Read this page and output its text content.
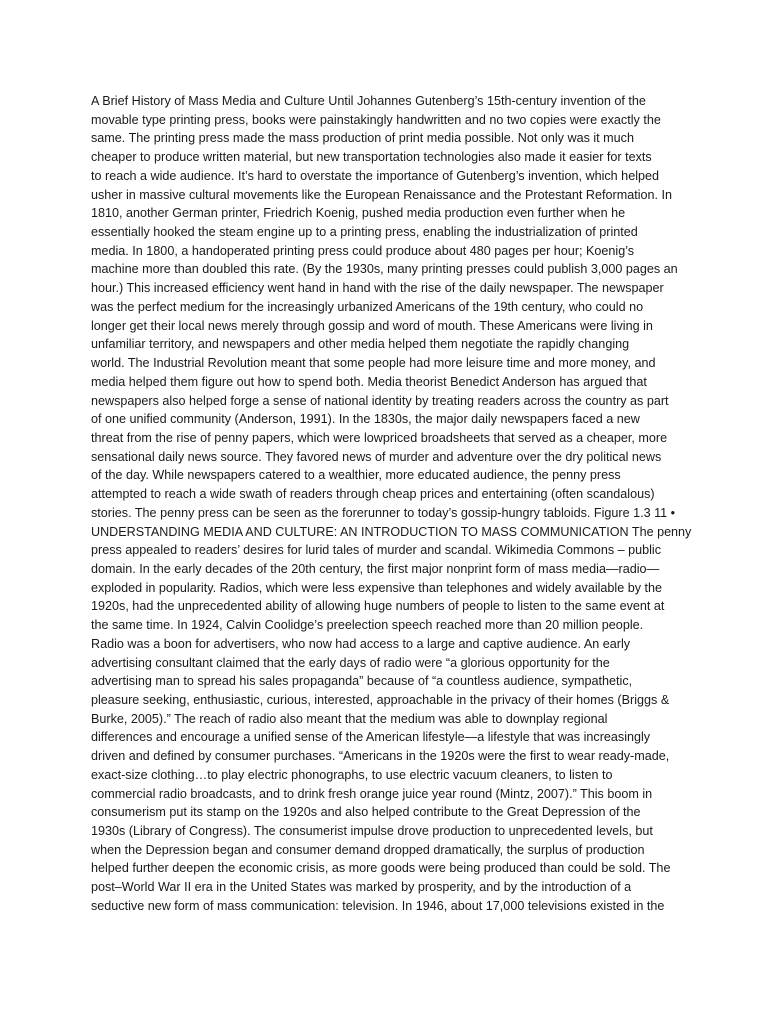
A Brief History of Mass Media and Culture Until Johannes Gutenberg’s 15th-century invention of the
movable type printing press, books were painstakingly handwritten and no two copies were exactly the
same. The printing press made the mass production of print media possible. Not only was it much
cheaper to produce written material, but new transportation technologies also made it easier for texts
to reach a wide audience. It’s hard to overstate the importance of Gutenberg’s invention, which helped
usher in massive cultural movements like the European Renaissance and the Protestant Reformation. In
1810, another German printer, Friedrich Koenig, pushed media production even further when he
essentially hooked the steam engine up to a printing press, enabling the industrialization of printed
media. In 1800, a handoperated printing press could produce about 480 pages per hour; Koenig’s
machine more than doubled this rate. (By the 1930s, many printing presses could publish 3,000 pages an
hour.) This increased efficiency went hand in hand with the rise of the daily newspaper. The newspaper
was the perfect medium for the increasingly urbanized Americans of the 19th century, who could no
longer get their local news merely through gossip and word of mouth. These Americans were living in
unfamiliar territory, and newspapers and other media helped them negotiate the rapidly changing
world. The Industrial Revolution meant that some people had more leisure time and more money, and
media helped them figure out how to spend both. Media theorist Benedict Anderson has argued that
newspapers also helped forge a sense of national identity by treating readers across the country as part
of one unified community (Anderson, 1991). In the 1830s, the major daily newspapers faced a new
threat from the rise of penny papers, which were lowpriced broadsheets that served as a cheaper, more
sensational daily news source. They favored news of murder and adventure over the dry political news
of the day. While newspapers catered to a wealthier, more educated audience, the penny press
attempted to reach a wide swath of readers through cheap prices and entertaining (often scandalous)
stories. The penny press can be seen as the forerunner to today’s gossip-hungry tabloids. Figure 1.3 11 •
UNDERSTANDING MEDIA AND CULTURE: AN INTRODUCTION TO MASS COMMUNICATION The penny
press appealed to readers’ desires for lurid tales of murder and scandal. Wikimedia Commons – public
domain. In the early decades of the 20th century, the first major nonprint form of mass media—radio—
exploded in popularity. Radios, which were less expensive than telephones and widely available by the
1920s, had the unprecedented ability of allowing huge numbers of people to listen to the same event at
the same time. In 1924, Calvin Coolidge’s preelection speech reached more than 20 million people.
Radio was a boon for advertisers, who now had access to a large and captive audience. An early
advertising consultant claimed that the early days of radio were “a glorious opportunity for the
advertising man to spread his sales propaganda” because of “a countless audience, sympathetic,
pleasure seeking, enthusiastic, curious, interested, approachable in the privacy of their homes (Briggs &
Burke, 2005).” The reach of radio also meant that the medium was able to downplay regional
differences and encourage a unified sense of the American lifestyle—a lifestyle that was increasingly
driven and defined by consumer purchases. “Americans in the 1920s were the first to wear ready-made,
exact-size clothing…to play electric phonographs, to use electric vacuum cleaners, to listen to
commercial radio broadcasts, and to drink fresh orange juice year round (Mintz, 2007).” This boom in
consumerism put its stamp on the 1920s and also helped contribute to the Great Depression of the
1930s (Library of Congress). The consumerist impulse drove production to unprecedented levels, but
when the Depression began and consumer demand dropped dramatically, the surplus of production
helped further deepen the economic crisis, as more goods were being produced than could be sold. The
post–World War II era in the United States was marked by prosperity, and by the introduction of a
seductive new form of mass communication: television. In 1946, about 17,000 televisions existed in the
